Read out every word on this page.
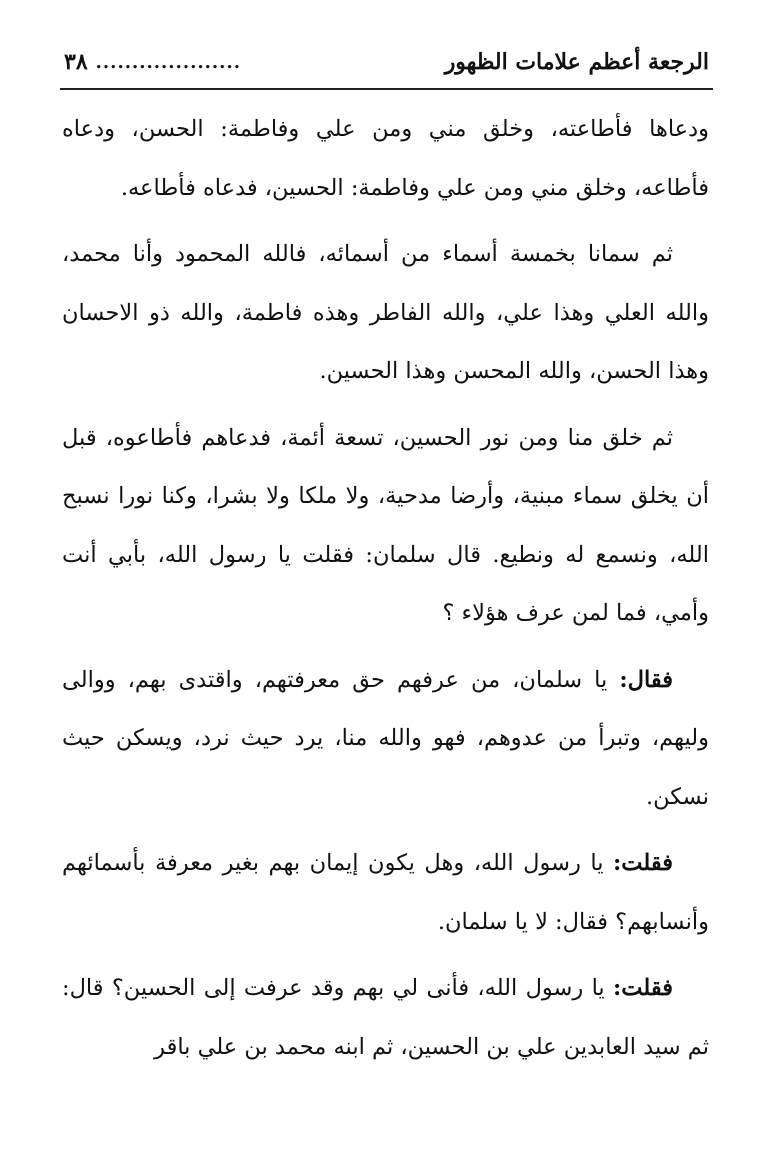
الرجعة أعظم علامات الظهور
....................
٣٨

ودعاها فأطاعته، وخلق مني ومن علي وفاطمة: الحسن، ودعاه فأطاعه، وخلق مني ومن علي وفاطمة: الحسين، فدعاه فأطاعه.

ثم سمانا بخمسة أسماء من أسمائه، فالله المحمود وأنا محمد، والله العلي وهذا علي، والله الفاطر وهذه فاطمة، والله ذو الاحسان وهذا الحسن، والله المحسن وهذا الحسين.

ثم خلق منا ومن نور الحسين، تسعة أئمة، فدعاهم فأطاعوه، قبل أن يخلق سماء مبنية، وأرضا مدحية، ولا ملكا ولا بشرا، وكنا نورا نسبح الله، ونسمع له ونطيع. قال سلمان: فقلت يا رسول الله، بأبي أنت وأمي، فما لمن عرف هؤلاء ؟

فقال: يا سلمان، من عرفهم حق معرفتهم، واقتدى بهم، ووالى وليهم، وتبرأ من عدوهم، فهو والله منا، يرد حيث نرد، ويسكن حيث نسكن.

فقلت: يا رسول الله، وهل يكون إيمان بهم بغير معرفة بأسمائهم وأنسابهم؟ فقال: لا يا سلمان.

فقلت: يا رسول الله، فأنى لي بهم وقد عرفت إلى الحسين؟ قال: ثم سيد العابدين علي بن الحسين، ثم ابنه محمد بن علي باقر
